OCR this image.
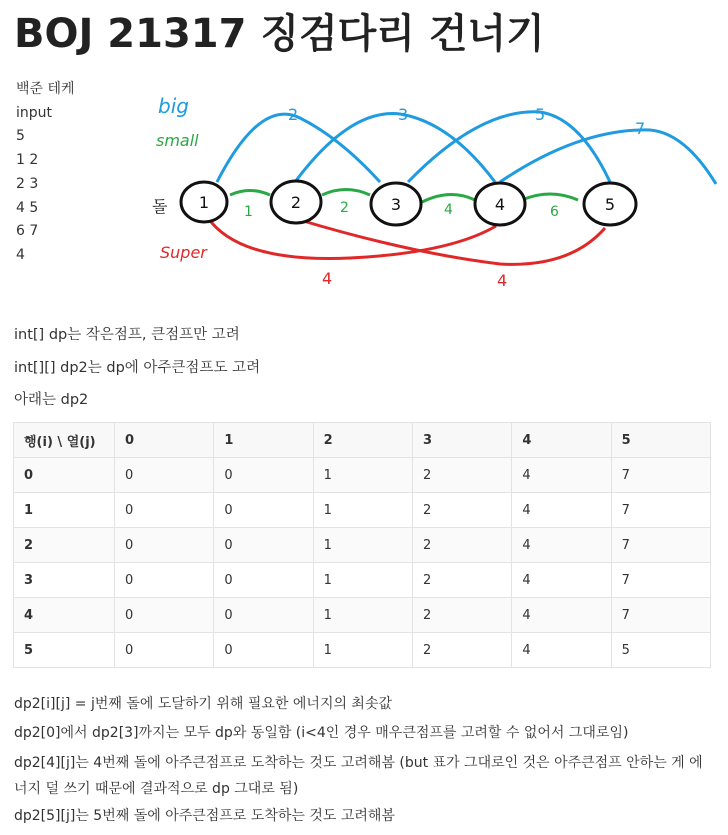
BOJ 21317 징검다리 건너기
백준 테케
input
5
1 2
2 3
4 5
6 7
4
big
small
Super
돌
2	3	5
7
1	2	4	6
4	4
1	2	3	4	5
int[] dp는 작은점프, 큰점프만 고려
int[][] dp2는 dp에 아주큰점프도 고려
아래는 dp2
행(i) \ 열(j)	0	1	2	3	4	5
0	0	0	1	2	4	7
1	0	0	1	2	4	7
2	0	0	1	2	4	7
3	0	0	1	2	4	7
4	0	0	1	2	4	7
5	0	0	1	2	4	5
dp2[i][j] = j번째 돌에 도달하기 위해 필요한 에너지의 최솟값
dp2[0]에서 dp2[3]까지는 모두 dp와 동일함 (i<4인 경우 매우큰점프를 고려할 수 없어서 그대로임)
dp2[4][j]는 4번째 돌에 아주큰점프로 도착하는 것도 고려해봄 (but 표가 그대로인 것은 아주큰점프 안하는 게 에너지 덜 쓰기 때문에 결과적으로 dp 그대로 됨)
dp2[5][j]는 5번째 돌에 아주큰점프로 도착하는 것도 고려해봄
